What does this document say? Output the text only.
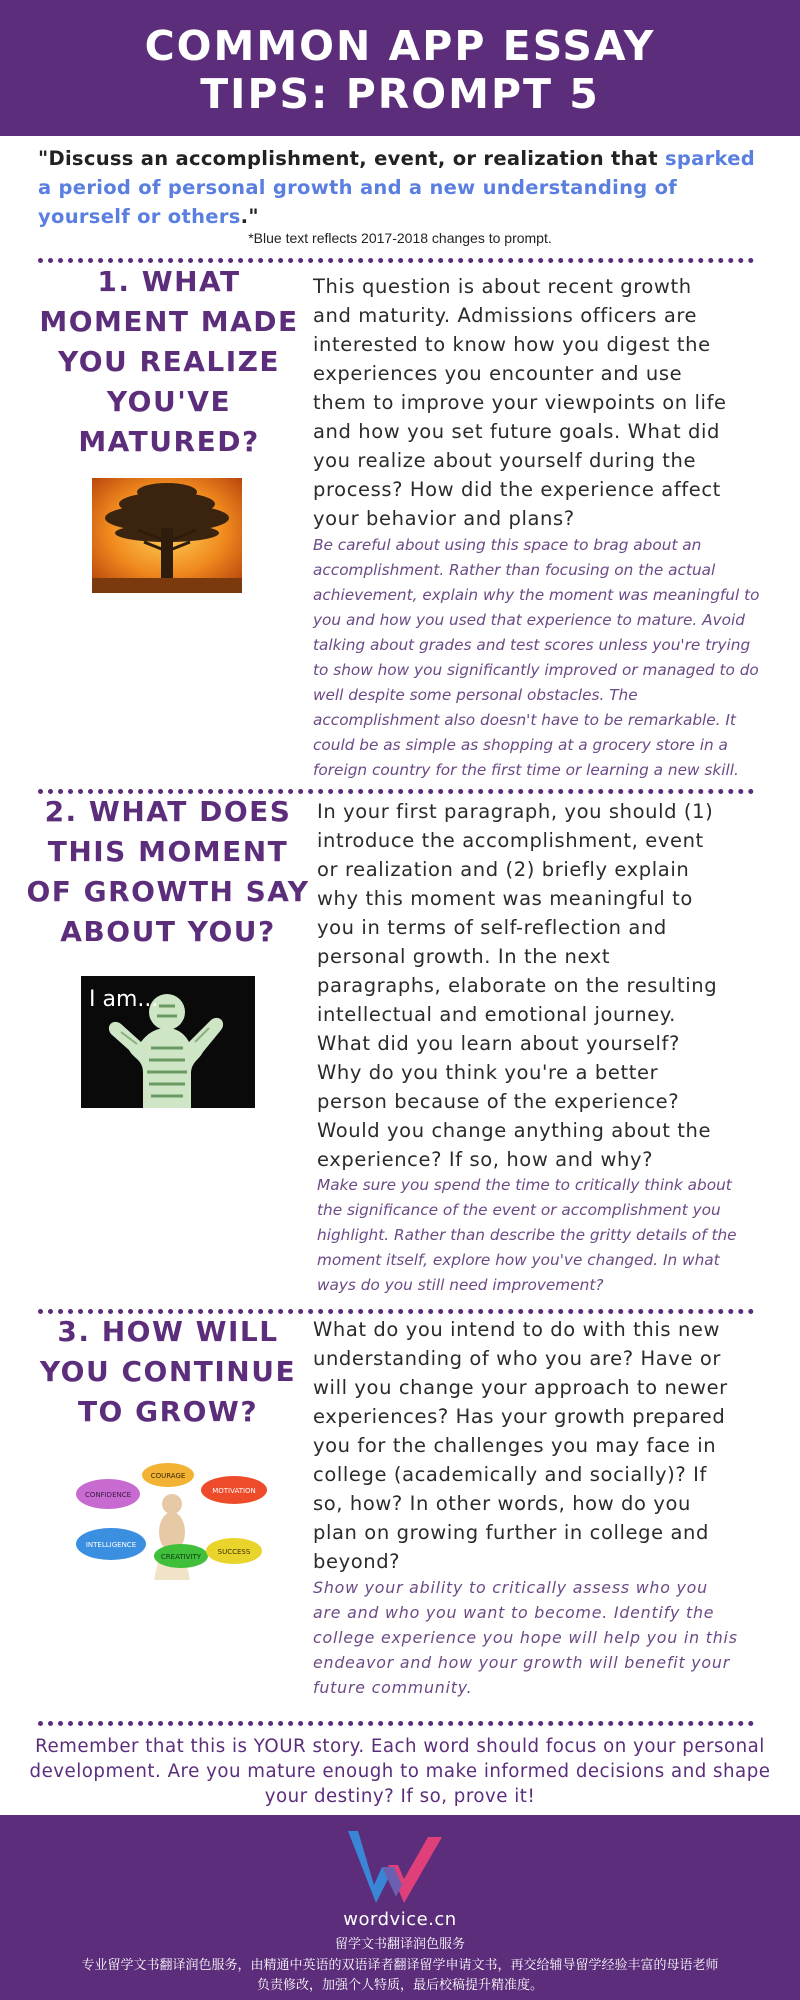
COMMON APP ESSAY
TIPS: PROMPT 5
"Discuss an accomplishment, event, or realization that sparked a period of personal growth and a new understanding of yourself or others."
*Blue text reflects 2017-2018 changes to prompt.
1. WHAT
MOMENT MADE
YOU REALIZE
YOU'VE
MATURED?
This question is about recent growth
and maturity. Admissions officers are
interested to know how you digest the
experiences you encounter and use
them to improve your viewpoints on life
and how you set future goals. What did
you realize about yourself during the
process? How did the experience affect
your behavior and plans?
Be careful about using this space to brag about an
accomplishment. Rather than focusing on the actual
achievement, explain why the moment was meaningful to
you and how you used that experience to mature. Avoid
talking about grades and test scores unless you're trying
to show how you significantly improved or managed to do
well despite some personal obstacles. The
accomplishment also doesn't have to be remarkable. It
could be as simple as shopping at a grocery store in a
foreign country for the first time or learning a new skill.
2. WHAT DOES
THIS MOMENT
OF GROWTH SAY
ABOUT YOU?
I am...
In your first paragraph, you should (1)
introduce the accomplishment, event
or realization and (2) briefly explain
why this moment was meaningful to
you in terms of self-reflection and
personal growth. In the next
paragraphs, elaborate on the resulting
intellectual and emotional journey.
What did you learn about yourself?
Why do you think you're a better
person because of the experience?
Would you change anything about the
experience? If so, how and why?
Make sure you spend the time to critically think about
the significance of the event or accomplishment you
highlight. Rather than describe the gritty details of the
moment itself, explore how you've changed. In what
ways do you still need improvement?
3. HOW WILL
YOU CONTINUE
TO GROW?
CONFIDENCE
COURAGE
MOTIVATION
INTELLIGENCE
CREATIVITY
SUCCESS
What do you intend to do with this new
understanding of who you are? Have or
will you change your approach to newer
experiences? Has your growth prepared
you for the challenges you may face in
college (academically and socially)? If
so, how? In other words, how do you
plan on growing further in college and
beyond?
Show your ability to critically assess who you
are and who you want to become. Identify the
college experience you hope will help you in this
endeavor and how your growth will benefit your
future community.
Remember that this is YOUR story. Each word should focus on your personal
development. Are you mature enough to make informed decisions and shape
your destiny? If so, prove it!
wordvice.cn
留学文书翻译润色服务
专业留学文书翻译润色服务，由精通中英语的双语译者翻译留学申请文书，再交给辅导留学经验丰富的母语老师
负责修改，加强个人特质，最后校稿提升精准度。
